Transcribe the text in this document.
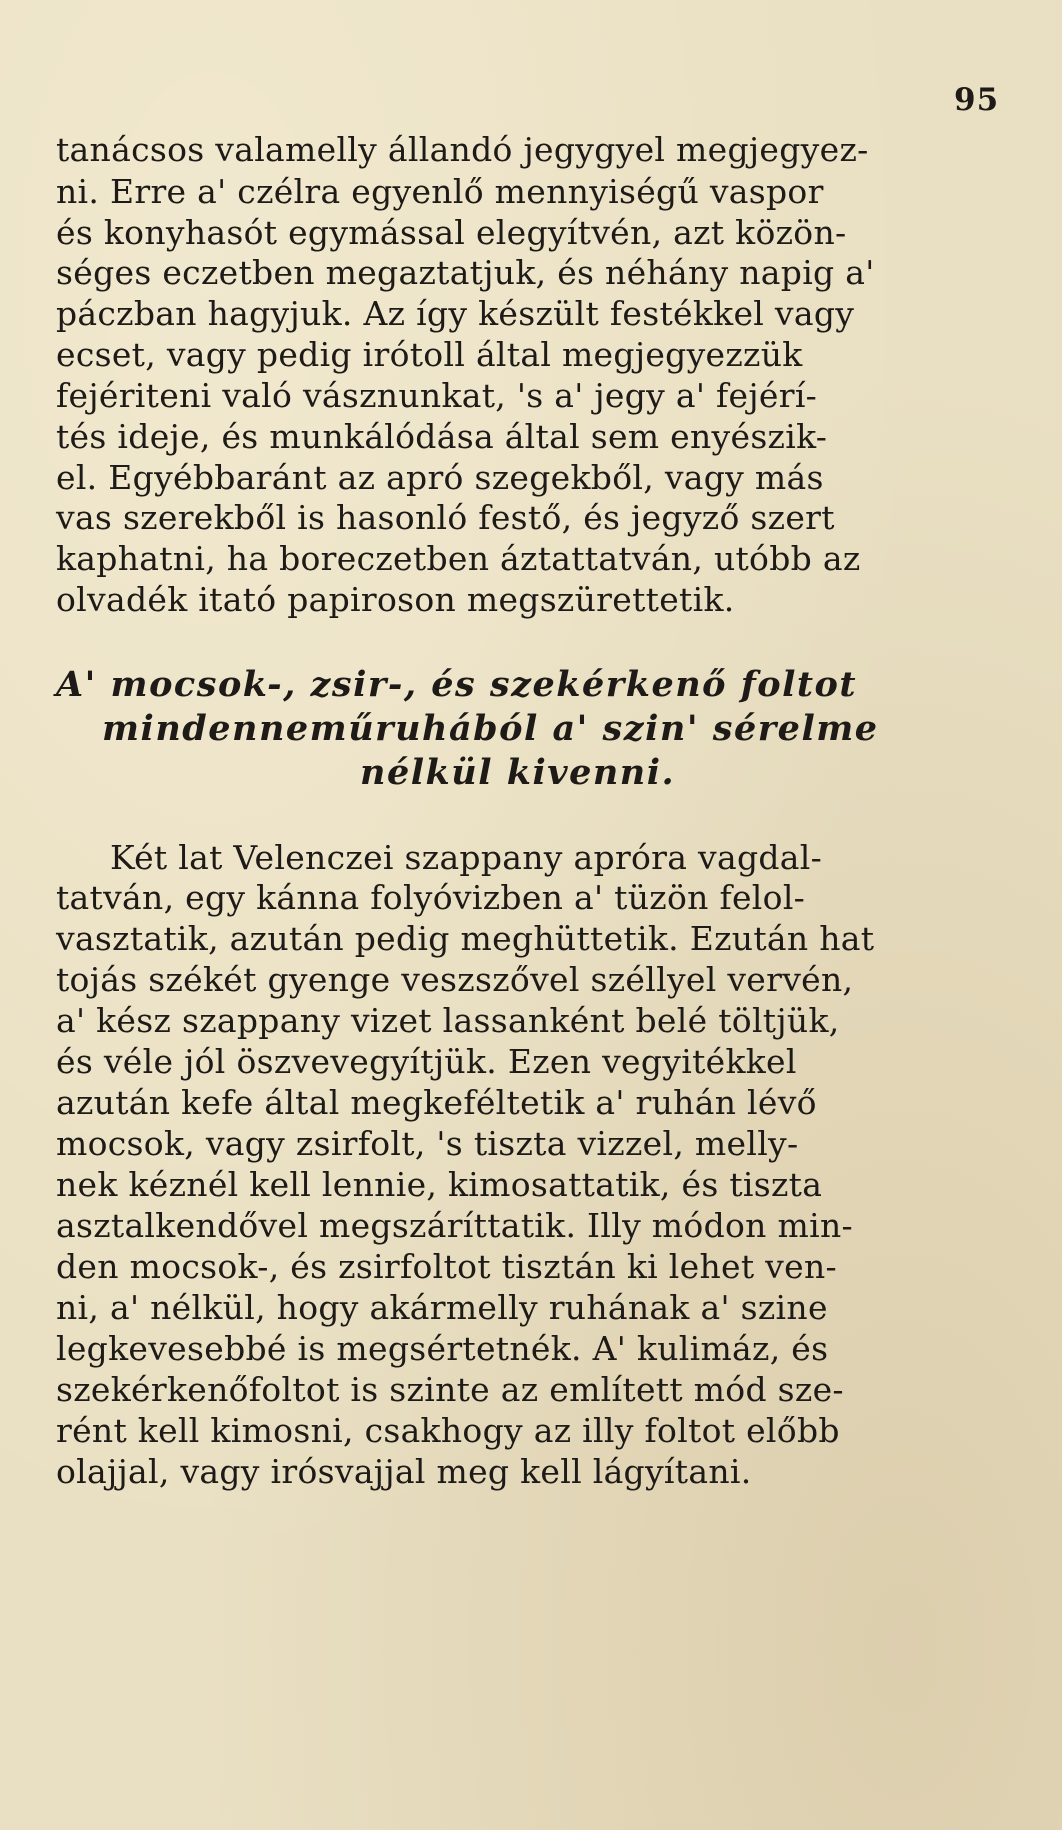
95
tanácsos valamelly állandó jegygyel megjegyez-
ni. Erre a' czélra egyenlő mennyiségű vaspor
és konyhasót egymással elegyítvén, azt közön-
séges eczetben megaztatjuk, és néhány napig a'
páczban hagyjuk. Az így készült festékkel vagy
ecset, vagy pedig irótoll által megjegyezzük
fejériteni való vásznunkat, 's a' jegy a' fejérí-
tés ideje, és munkálódása által sem enyészik-
el. Egyébbaránt az apró szegekből, vagy más
vas szerekből is hasonló festő, és jegyző szert
kaphatni, ha boreczetben áztattatván, utóbb az
olvadék itató papiroson megszürettetik.
A' mocsok-, zsir-, és szekérkenő foltot
mindenneműruhából a' szin' sérelme
nélkül kivenni.
Két lat Velenczei szappany apróra vagdal-
tatván, egy kánna folyóvizben a' tüzön felol-
vasztatik, azután pedig meghüttetik. Ezután hat
tojás székét gyenge veszszővel széllyel vervén,
a' kész szappany vizet lassanként belé töltjük,
és véle jól öszvevegyítjük. Ezen vegyitékkel
azután kefe által megkeféltetik a' ruhán lévő
mocsok, vagy zsirfolt, 's tiszta vizzel, melly-
nek kéznél kell lennie, kimosattatik, és tiszta
asztalkendővel megszáríttatik. Illy módon min-
den mocsok-, és zsirfoltot tisztán ki lehet ven-
ni, a' nélkül, hogy akármelly ruhának a' szine
legkevesebbé is megsértetnék. A' kulimáz, és
szekérkenőfoltot is szinte az említett mód sze-
rént kell kimosni, csakhogy az illy foltot előbb
olajjal, vagy irósvajjal meg kell lágyítani.
